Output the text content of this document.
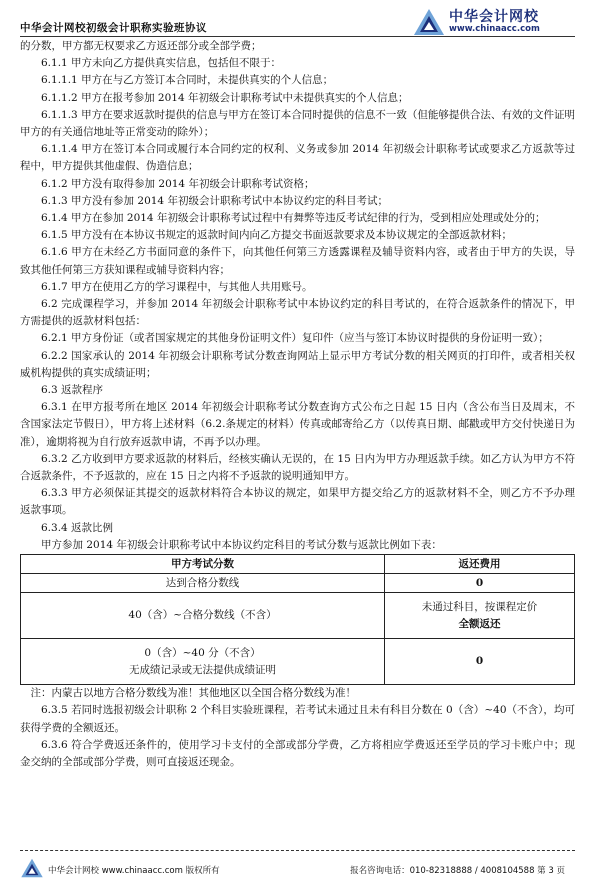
中华会计网校初级会计职称实验班协议
中华会计网校
www.chinaacc.com

的分数，甲方都无权要求乙方返还部分或全部学费；

6.1.1 甲方未向乙方提供真实信息，包括但不限于：

6.1.1.1 甲方在与乙方签订本合同时，未提供真实的个人信息；

6.1.1.2 甲方在报考参加 2014 年初级会计职称考试中未提供真实的个人信息；

6.1.1.3 甲方在要求返款时提供的信息与甲方在签订本合同时提供的信息不一致（但能够提供合法、有效的文件证明甲方的有关通信地址等正常变动的除外）；

6.1.1.4 甲方在签订本合同或履行本合同约定的权利、义务或参加 2014 年初级会计职称考试或要求乙方返款等过程中，甲方提供其他虚假、伪造信息；

6.1.2 甲方没有取得参加 2014 年初级会计职称考试资格；

6.1.3 甲方没有参加 2014 年初级会计职称考试中本协议约定的科目考试；

6.1.4 甲方在参加 2014 年初级会计职称考试过程中有舞弊等违反考试纪律的行为，受到相应处理或处分的；

6.1.5 甲方没有在本协议书规定的返款时间内向乙方提交书面返款要求及本协议规定的全部返款材料；

6.1.6 甲方在未经乙方书面同意的条件下，向其他任何第三方透露课程及辅导资料内容，或者由于甲方的失误，导致其他任何第三方获知课程或辅导资料内容；

6.1.7 甲方在使用乙方的学习课程中，与其他人共用账号。

6.2 完成课程学习，并参加 2014 年初级会计职称考试中本协议约定的科目考试的，在符合返款条件的情况下，甲方需提供的返款材料包括：

6.2.1 甲方身份证（或者国家规定的其他身份证明文件）复印件（应当与签订本协议时提供的身份证明一致）；

6.2.2 国家承认的 2014 年初级会计职称考试分数查询网站上显示甲方考试分数的相关网页的打印件，或者相关权威机构提供的真实成绩证明；

6.3 返款程序

6.3.1 在甲方报考所在地区 2014 年初级会计职称考试分数查询方式公布之日起 15 日内（含公布当日及周末，不含国家法定节假日），甲方将上述材料（6.2.条规定的材料）传真或邮寄给乙方（以传真日期、邮戳或甲方交付快递日为准），逾期将视为自行放弃返款申请，不再予以办理。

6.3.2 乙方收到甲方要求返款的材料后，经核实确认无误的，在 15 日内为甲方办理返款手续。如乙方认为甲方不符合返款条件，不予返款的，应在 15 日之内将不予返款的说明通知甲方。

6.3.3 甲方必须保证其提交的返款材料符合本协议的规定，如果甲方提交给乙方的返款材料不全，则乙方不予办理返款事项。

6.3.4 返款比例

甲方参加 2014 年初级会计职称考试中本协议约定科目的考试分数与返款比例如下表：

甲方考试分数	返还费用
达到合格分数线	0
40（含）~合格分数线（不含）	未通过科目，按课程定价
全额返还

0（含）~40 分（不含）
无成绩记录或无法提供成绩证明	0

注：内蒙古以地方合格分数线为准！其他地区以全国合格分数线为准！

6.3.5 若同时选报初级会计职称 2 个科目实验班课程，若考试未通过且未有科目分数在 0（含）~40（不含），均可获得学费的全额返还。

6.3.6 符合学费返还条件的，使用学习卡支付的全部或部分学费，乙方将相应学费返还至学员的学习卡账户中；现金交纳的全部或部分学费，则可直接返还现金。

中华会计网校 www.chinaacc.com 版权所有	报名咨询电话：010-82318888 / 4008104588 第 3 页
